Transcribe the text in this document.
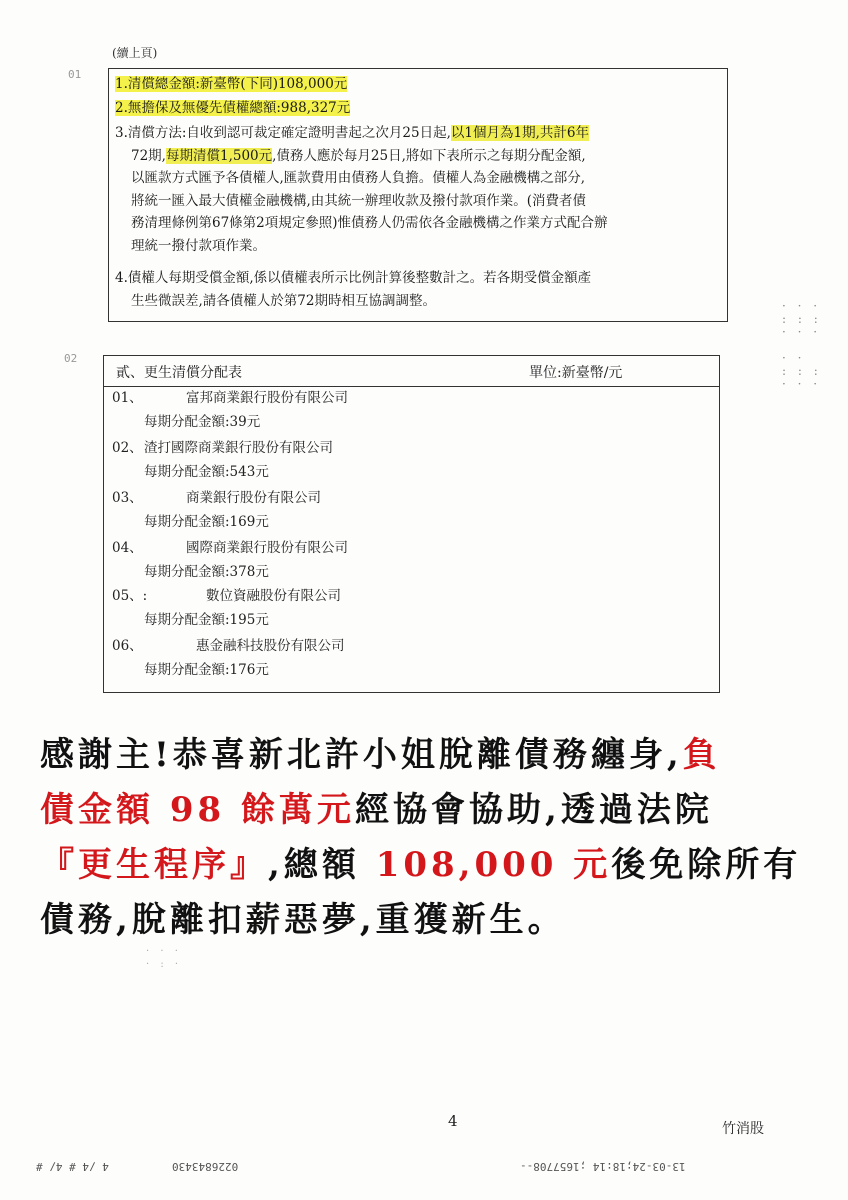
(續上頁)
01
1.清償總金額:新臺幣(下同)108,000元
2.無擔保及無優先債權總額:988,327元
3.清償方法:自收到認可裁定確定證明書起之次月25日起,以1個月為1期,共計6年
72期,每期清償1,500元,債務人應於每月25日,將如下表所示之每期分配金額,
以匯款方式匯予各債權人,匯款費用由債務人負擔。債權人為金融機構之部分,
將統一匯入最大債權金融機構,由其統一辦理收款及撥付款項作業。(消費者債
務清理條例第67條第2項規定參照)惟債務人仍需依各金融機構之作業方式配合辦
理統一撥付款項作業。
4.債權人每期受償金額,係以債權表所示比例計算後整數計之。若各期受償金額產
生些微誤差,請各債權人於第72期時相互協調調整。
02
貳、更生清償分配表	單位:新臺幣/元
01、	富邦商業銀行股份有限公司
每期分配金額:39元
02、 渣打國際商業銀行股份有限公司
每期分配金額:543元
03、	商業銀行股份有限公司
每期分配金額:169元
04、	國際商業銀行股份有限公司
每期分配金額:378元
05、:	數位資融股份有限公司
每期分配金額:195元
06、	惠金融科技股份有限公司
每期分配金額:176元
感謝主!恭喜新北許小姐脫離債務纏身,負
債金額 98 餘萬元經協會協助,透過法院
『更生程序』,總額 108,000 元後免除所有
債務,脫離扣薪惡夢,重獲新生。
· · ·
: : :
· · ·

· ·
: : :
· · ·
· · ·
· : ·
4	竹消股
4 /4 # 4/ #	0226843430	13-03-24;18:14 ;1657708--
